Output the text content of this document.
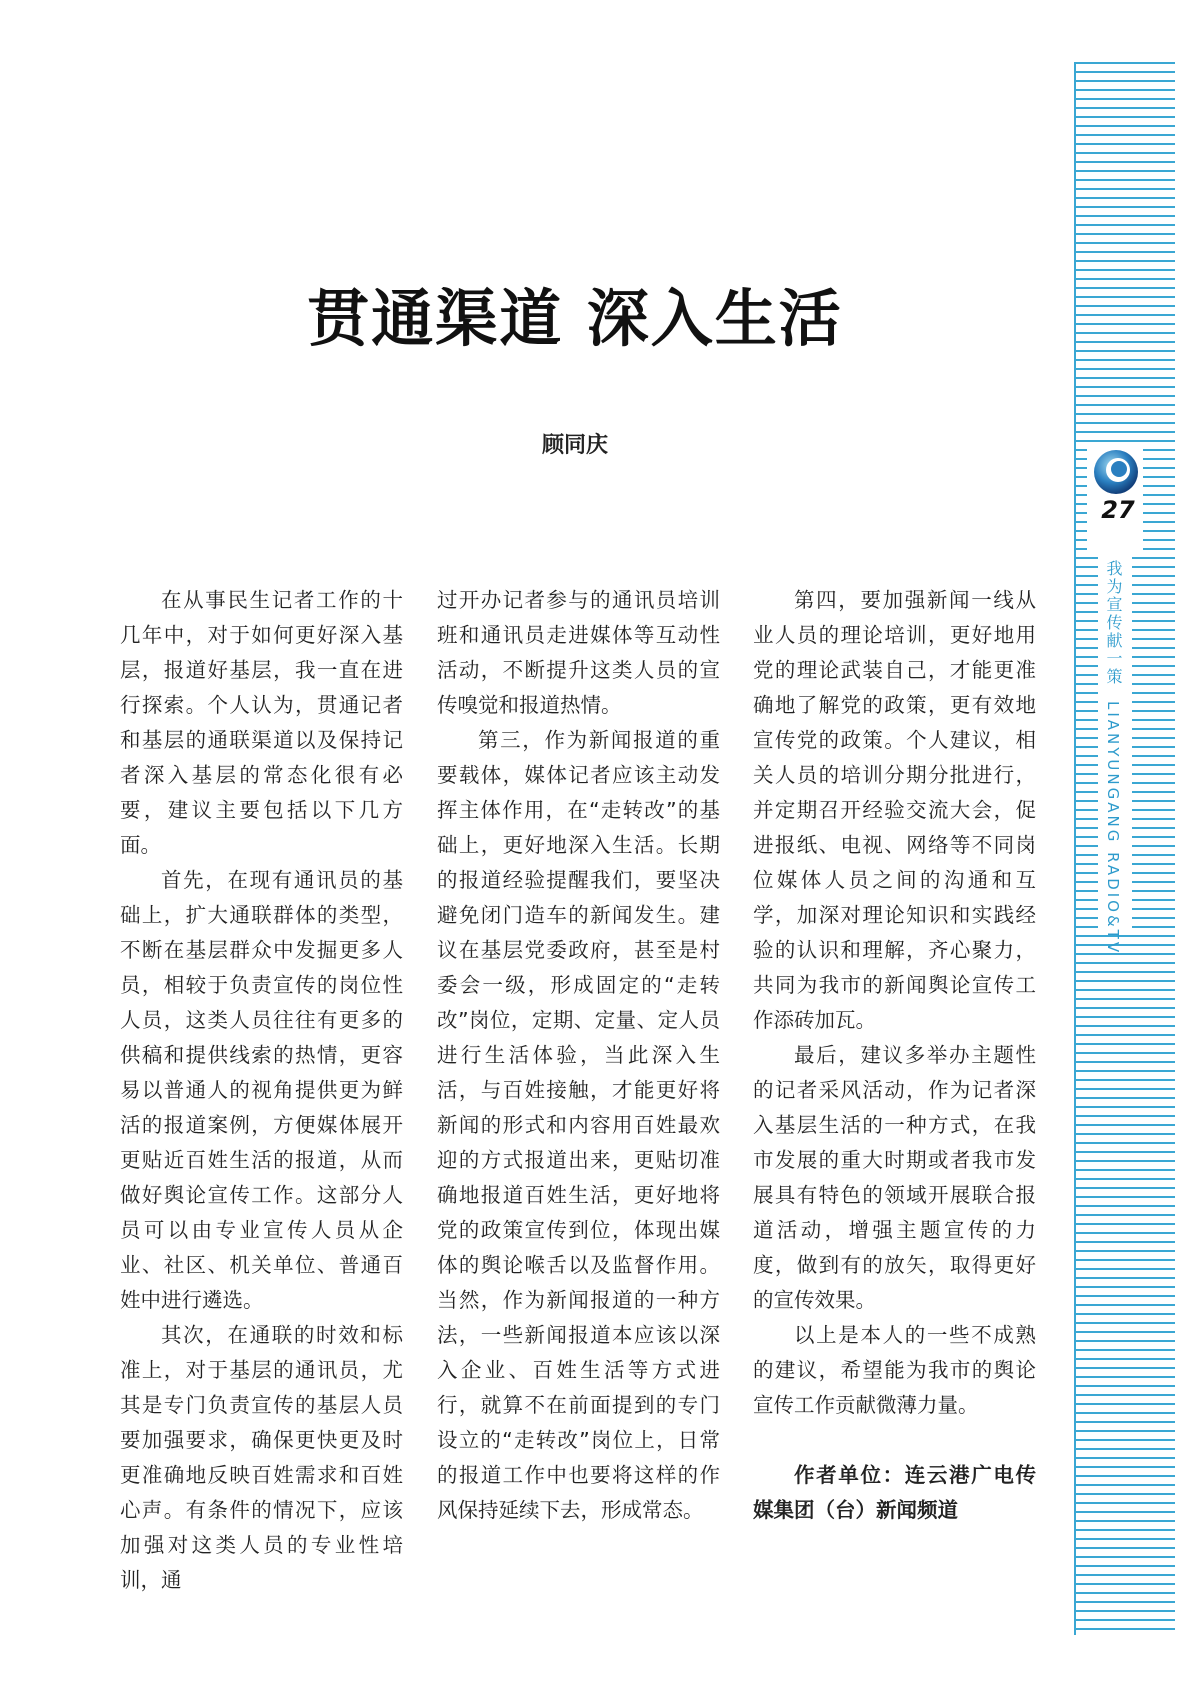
贯通渠道 深入生活
顾同庆

在从事民生记者工作的十几年中，对于如何更好深入基层，报道好基层，我一直在进行探索。个人认为，贯通记者和基层的通联渠道以及保持记者深入基层的常态化很有必要，建议主要包括以下几方面。

首先，在现有通讯员的基础上，扩大通联群体的类型，不断在基层群众中发掘更多人员，相较于负责宣传的岗位性人员，这类人员往往有更多的供稿和提供线索的热情，更容易以普通人的视角提供更为鲜活的报道案例，方便媒体展开更贴近百姓生活的报道，从而做好舆论宣传工作。这部分人员可以由专业宣传人员从企业、社区、机关单位、普通百姓中进行遴选。

其次，在通联的时效和标准上，对于基层的通讯员，尤其是专门负责宣传的基层人员要加强要求，确保更快更及时更准确地反映百姓需求和百姓心声。有条件的情况下，应该加强对这类人员的专业性培训，通

过开办记者参与的通讯员培训班和通讯员走进媒体等互动性活动，不断提升这类人员的宣传嗅觉和报道热情。

第三，作为新闻报道的重要载体，媒体记者应该主动发挥主体作用，在“走转改”的基础上，更好地深入生活。长期的报道经验提醒我们，要坚决避免闭门造车的新闻发生。建议在基层党委政府，甚至是村委会一级，形成固定的“走转改”岗位，定期、定量、定人员进行生活体验，当此深入生活，与百姓接触，才能更好将新闻的形式和内容用百姓最欢迎的方式报道出来，更贴切准确地报道百姓生活，更好地将党的政策宣传到位，体现出媒体的舆论喉舌以及监督作用。当然，作为新闻报道的一种方法，一些新闻报道本应该以深入企业、百姓生活等方式进行，就算不在前面提到的专门设立的“走转改”岗位上，日常的报道工作中也要将这样的作风保持延续下去，形成常态。

第四，要加强新闻一线从业人员的理论培训，更好地用党的理论武装自己，才能更准确地了解党的政策，更有效地宣传党的政策。个人建议，相关人员的培训分期分批进行，并定期召开经验交流大会，促进报纸、电视、网络等不同岗位媒体人员之间的沟通和互学，加深对理论知识和实践经验的认识和理解，齐心聚力，共同为我市的新闻舆论宣传工作添砖加瓦。

最后，建议多举办主题性的记者采风活动，作为记者深入基层生活的一种方式，在我市发展的重大时期或者我市发展具有特色的领域开展联合报道活动，增强主题宣传的力度，做到有的放矢，取得更好的宣传效果。

以上是本人的一些不成熟的建议，希望能为我市的舆论宣传工作贡献微薄力量。

作者单位：连云港广电传媒集团（台）新闻频道

27
我为宣传献一策 LIANYUNGANG RADIO&TV
